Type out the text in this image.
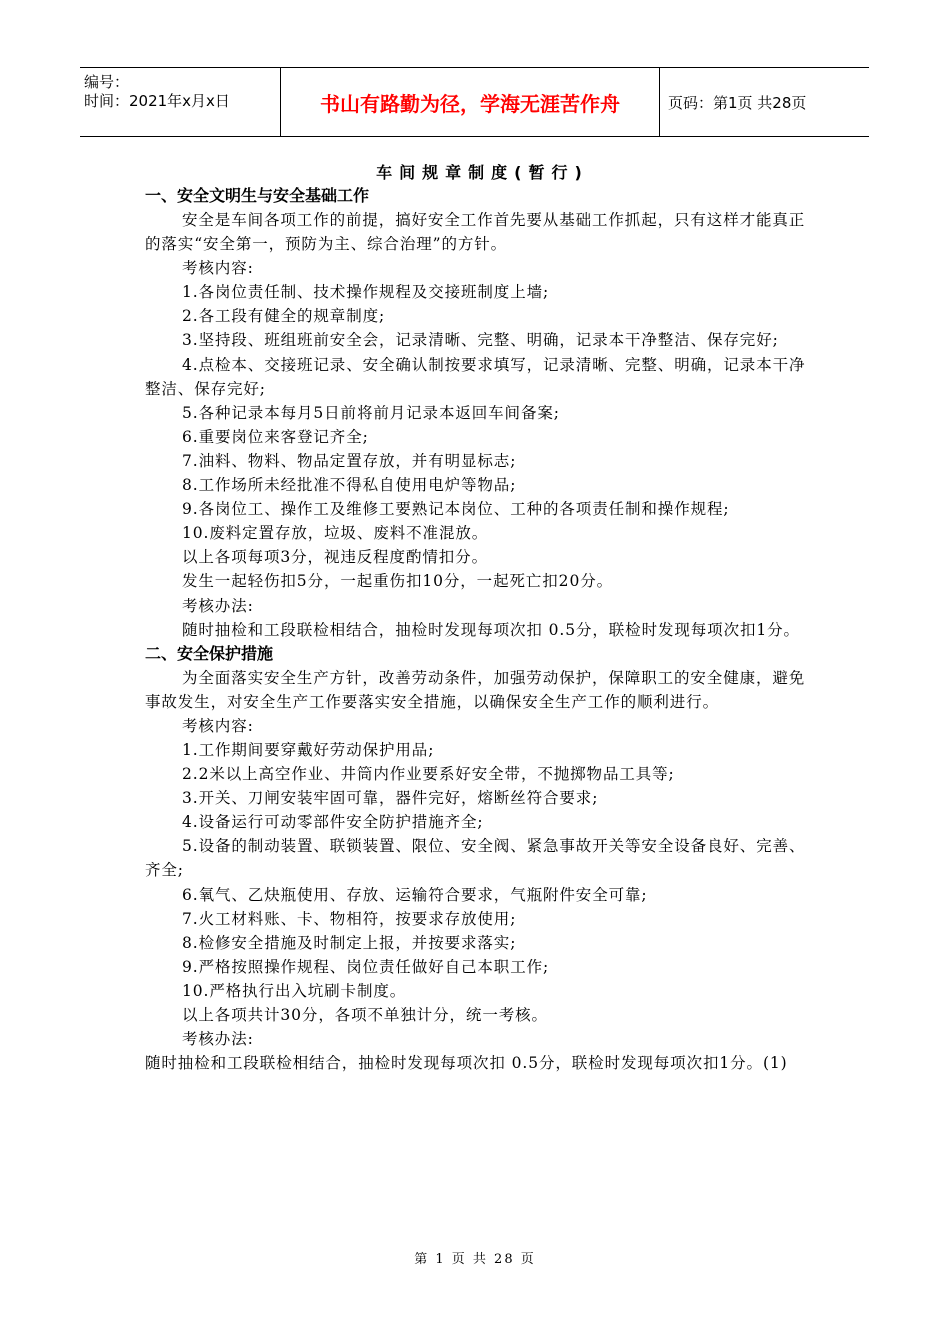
编号：
时间：2021年x月x日	书山有路勤为径，学海无涯苦作舟	页码：第1页 共28页
车间规章制度(暂行)
一、安全文明生与安全基础工作

安全是车间各项工作的前提，搞好安全工作首先要从基础工作抓起，只有这样才能真正的落实“安全第一，预防为主、综合治理”的方针。

考核内容:

1.各岗位责任制、技术操作规程及交接班制度上墙;

2.各工段有健全的规章制度;

3.坚持段、班组班前安全会，记录清晰、完整、明确，记录本干净整洁、保存完好;

4.点检本、交接班记录、安全确认制按要求填写，记录清晰、完整、明确，记录本干净整洁、保存完好;

5.各种记录本每月5日前将前月记录本返回车间备案;

6.重要岗位来客登记齐全;

7.油料、物料、物品定置存放，并有明显标志;

8.工作场所未经批准不得私自使用电炉等物品;

9.各岗位工、操作工及维修工要熟记本岗位、工种的各项责任制和操作规程;

10.废料定置存放，垃圾、废料不准混放。

以上各项每项3分，视违反程度酌情扣分。

发生一起轻伤扣5分，一起重伤扣10分，一起死亡扣20分。

考核办法:

随时抽检和工段联检相结合，抽检时发现每项次扣 0.5分，联检时发现每项次扣1分。

二、安全保护措施

为全面落实安全生产方针，改善劳动条件，加强劳动保护，保障职工的安全健康，避免事故发生，对安全生产工作要落实安全措施，以确保安全生产工作的顺利进行。

考核内容:

1.工作期间要穿戴好劳动保护用品;

2.2米以上高空作业、井筒内作业要系好安全带，不抛掷物品工具等;

3.开关、刀闸安装牢固可靠，器件完好，熔断丝符合要求;

4.设备运行可动零部件安全防护措施齐全;

5.设备的制动装置、联锁装置、限位、安全阀、紧急事故开关等安全设备良好、完善、齐全;

6.氧气、乙炔瓶使用、存放、运输符合要求，气瓶附件安全可靠;

7.火工材料账、卡、物相符，按要求存放使用;

8.检修安全措施及时制定上报，并按要求落实;

9.严格按照操作规程、岗位责任做好自己本职工作;

10.严格执行出入坑刷卡制度。

以上各项共计30分，各项不单独计分，统一考核。

考核办法:

随时抽检和工段联检相结合，抽检时发现每项次扣 0.5分，联检时发现每项次扣1分。(1)

第 1 页 共 28 页
